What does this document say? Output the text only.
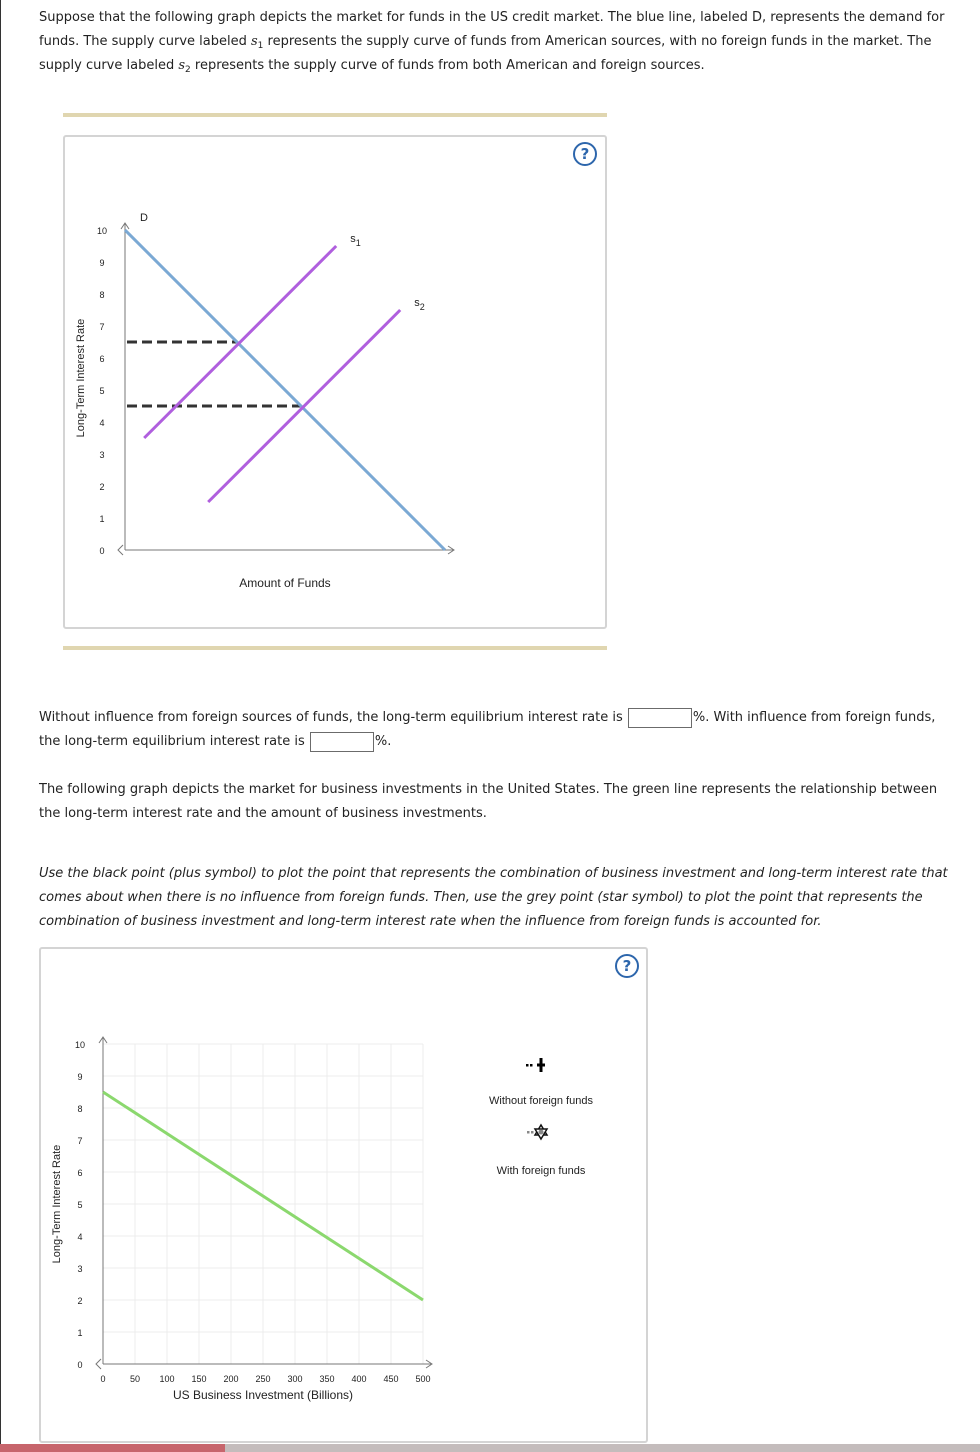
Suppose that the following graph depicts the market for funds in the US credit market. The blue line, labeled D, represents the demand for funds. The supply curve labeled $s_1$ represents the supply curve of funds from American sources, with no foreign funds in the market. The supply curve labeled $s_2$ represents the supply curve of funds from both American and foreign sources.

?
0
1
2
3
4
5
6
7
8
9
10
Long-Term Interest Rate
Amount of Funds
D
$s_1$
$s_2$

Without influence from foreign sources of funds, the long-term equilibrium interest rate is	%. With influence from foreign funds, the long-term equilibrium interest rate is	%.

The following graph depicts the market for business investments in the United States. The green line represents the relationship between the long-term interest rate and the amount of business investments.

Use the black point (plus symbol) to plot the point that represents the combination of business investment and long-term interest rate that comes about when there is no influence from foreign funds. Then, use the grey point (star symbol) to plot the point that represents the combination of business investment and long-term interest rate when the influence from foreign funds is accounted for.

?
0
1
2
3
4
5
6
7
8
9
10
0	50 100 150 200 250 300 350 400 450 500
Long-Term Interest Rate
US Business Investment (Billions)
Without foreign funds
With foreign funds
